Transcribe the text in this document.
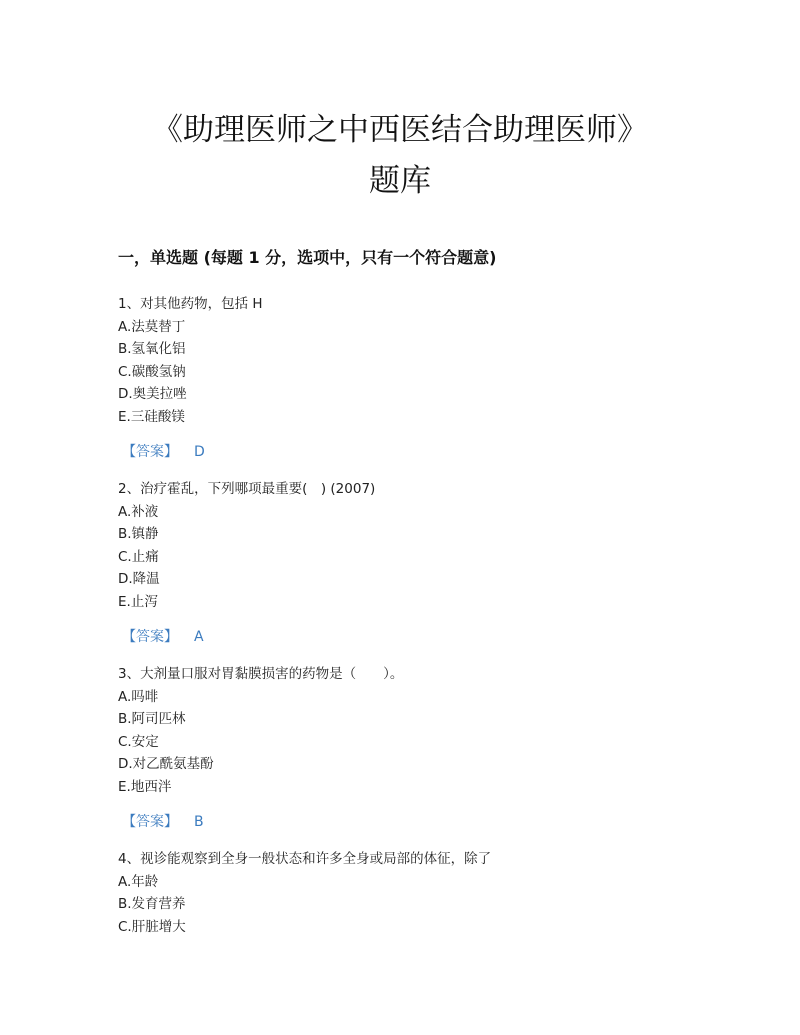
《助理医师之中西医结合助理医师》
题库
一，单选题 (每题 1 分，选项中，只有一个符合题意)
1、对其他药物，包括 H
A.法莫替丁
B.氢氧化铝
C.碳酸氢钠
D.奥美拉唑
E.三硅酸镁
【答案】 D
2、治疗霍乱，下列哪项最重要(　) (2007)
A.补液
B.镇静
C.止痛
D.降温
E.止泻
【答案】 A
3、大剂量口服对胃黏膜损害的药物是（　　）。
A.吗啡
B.阿司匹林
C.安定
D.对乙酰氨基酚
E.地西泮
【答案】 B
4、视诊能观察到全身一般状态和许多全身或局部的体征，除了
A.年龄
B.发育营养
C.肝脏增大
